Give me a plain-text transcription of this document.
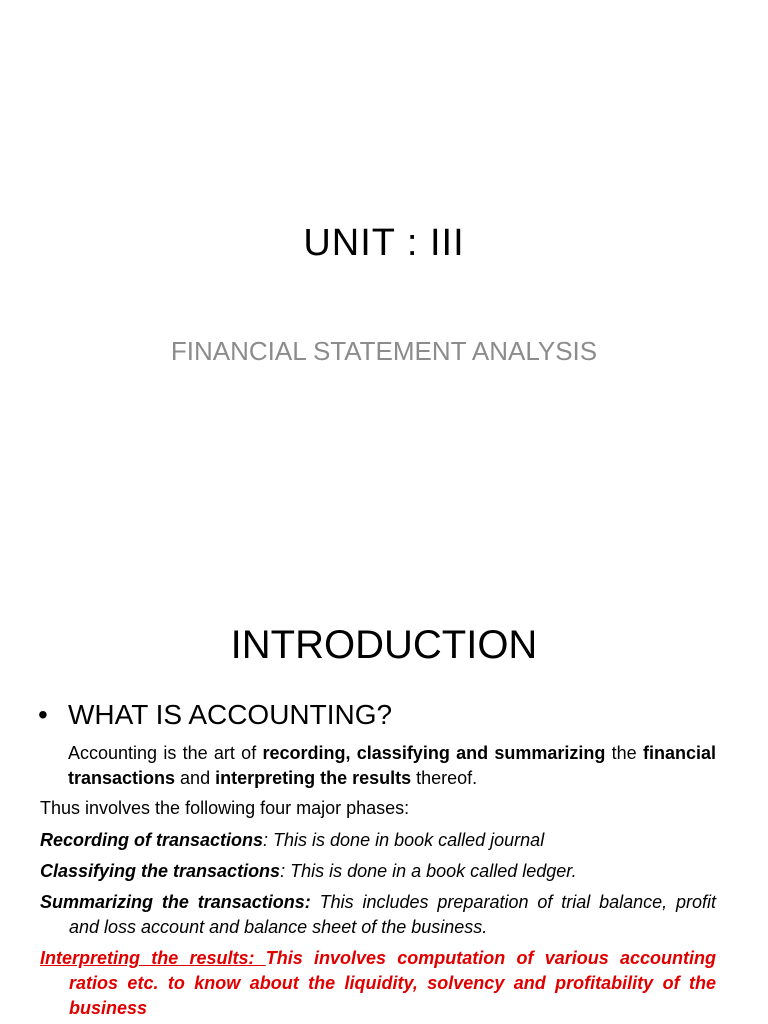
UNIT : III
FINANCIAL STATEMENT ANALYSIS
INTRODUCTION
• WHAT IS ACCOUNTING?
Accounting is the art of recording, classifying and summarizing the financial transactions and interpreting the results thereof.
Thus involves the following four major phases:
Recording of transactions: This is done in book called journal
Classifying the transactions: This is done in a book called ledger.
Summarizing the transactions: This includes preparation of trial balance, profit and loss account and balance sheet of the business.
Interpreting the results: This involves computation of various accounting ratios etc. to know about the liquidity, solvency and profitability of the business
